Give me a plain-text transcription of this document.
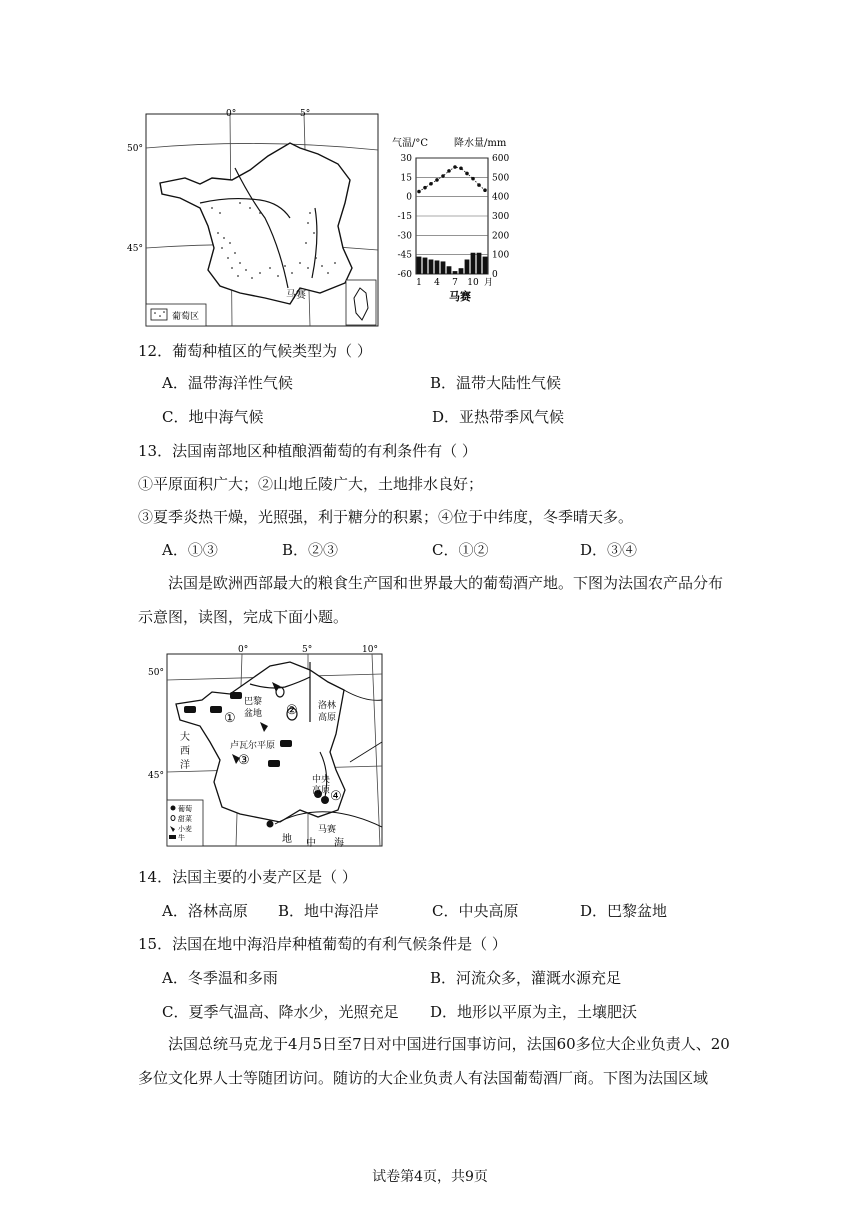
葡萄区
0°	5°
50°
45°
马赛
气温/°C	降水量/mm
30
15
0
-15
-30
-45
-60
600
500
400
300
200
100
0
1 4 7 10 月
马赛
12．葡萄种植区的气候类型为（ ）
A．温带海洋性气候	B．温带大陆性气候
C．地中海气候	D．亚热带季风气候
13．法国南部地区种植酿酒葡萄的有利条件有（ ）
①平原面积广大；②山地丘陵广大，土地排水良好；
③夏季炎热干燥，光照强，利于糖分的积累；④位于中纬度，冬季晴天多。
A．①③	B．②③	C．①②	D．③④
法国是欧洲西部最大的粮食生产国和世界最大的葡萄酒产地。下图为法国农产品分布示意图，读图，完成下面小题。
葡萄
甜菜
小麦
牛
0°	5°	10°
50°
45°
巴黎
盆地
洛林
高原
卢瓦尔平原
大
西
洋
中央
高原
马赛
地 中 海
①
②
③
④
14．法国主要的小麦产区是（ ）
A．洛林高原 B．地中海沿岸	C．中央高原	D．巴黎盆地
15．法国在地中海沿岸种植葡萄的有利气候条件是（ ）
A．冬季温和多雨	B．河流众多，灌溉水源充足
C．夏季气温高、降水少，光照充足 D．地形以平原为主，土壤肥沃
法国总统马克龙于4月5日至7日对中国进行国事访问，法国60多位大企业负责人、20多位文化界人士等随团访问。随访的大企业负责人有法国葡萄酒厂商。下图为法国区域
试卷第4页，共9页
